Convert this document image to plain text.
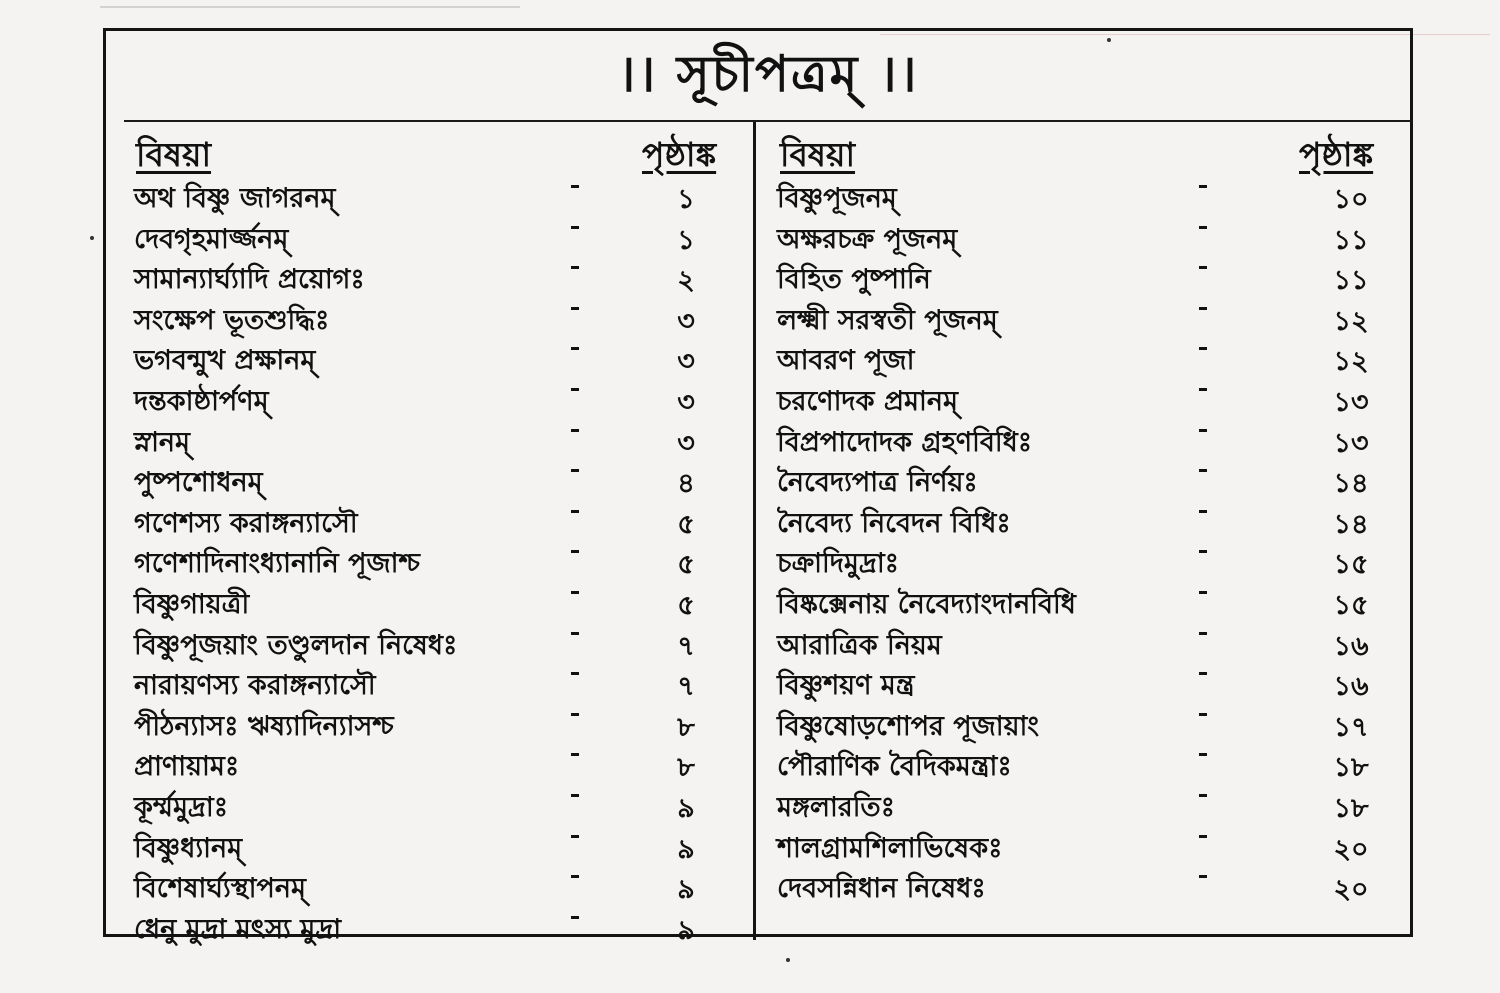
।। সূচীপত্রম্ ।।
বিষয়া	পৃষ্ঠাঙ্ক
অথ বিষ্ণু জাগরনম্	১
দেবগৃহমার্জ্জনম্	১
সামান্যার্ঘ্যাদি প্রয়োগঃ	২
সংক্ষেপ ভূতশুদ্ধিঃ	৩
ভগবন্মুখ প্রক্ষানম্	৩
দন্তকাষ্ঠার্পণম্	৩
স্নানম্	৩
পুষ্পশোধনম্	৪
গণেশস্য করাঙ্গন্যাসৌ	৫
গণেশাদিনাংধ্যানানি পূজাশ্চ	৫
বিষ্ণুগায়ত্রী	৫
বিষ্ণুপূজয়াং তণ্ডুলদান নিষেধঃ	৭
নারায়ণস্য করাঙ্গন্যাসৌ	৭
পীঠন্যাসঃ ঋষ্যাদিন্যাসশ্চ	৮
প্রাণায়ামঃ	৮
কূর্ম্মমুদ্রাঃ	৯
বিষ্ণুধ্যানম্	৯
বিশেষার্ঘ্যস্থাপনম্	৯
ধেনু মুদ্রা মৎস্য মুদ্রা	৯
বিষয়া	পৃষ্ঠাঙ্ক
বিষ্ণুপূজনম্	১০
অক্ষরচক্র পূজনম্	১১
বিহিত পুষ্পানি	১১
লক্ষ্মী সরস্বতী পূজনম্	১২
আবরণ পূজা	১২
চরণোদক প্রমানম্	১৩
বিপ্রপাদোদক গ্রহণবিধিঃ	১৩
নৈবেদ্যপাত্র নির্ণয়ঃ	১৪
নৈবেদ্য নিবেদন বিধিঃ	১৪
চক্রাদিমুদ্রাঃ	১৫
বিষ্কক্সেনায় নৈবেদ্যাংদানবিধি	১৫
আরাত্রিক নিয়ম	১৬
বিষ্ণুশয়ণ মন্ত্র	১৬
বিষ্ণুষোড়শোপর পূজায়াং	১৭
পৌরাণিক বৈদিকমন্ত্রাঃ	১৮
মঙ্গলারতিঃ	১৮
শালগ্রামশিলাভিষেকঃ	২০
দেবসন্নিধান নিষেধঃ	২০
